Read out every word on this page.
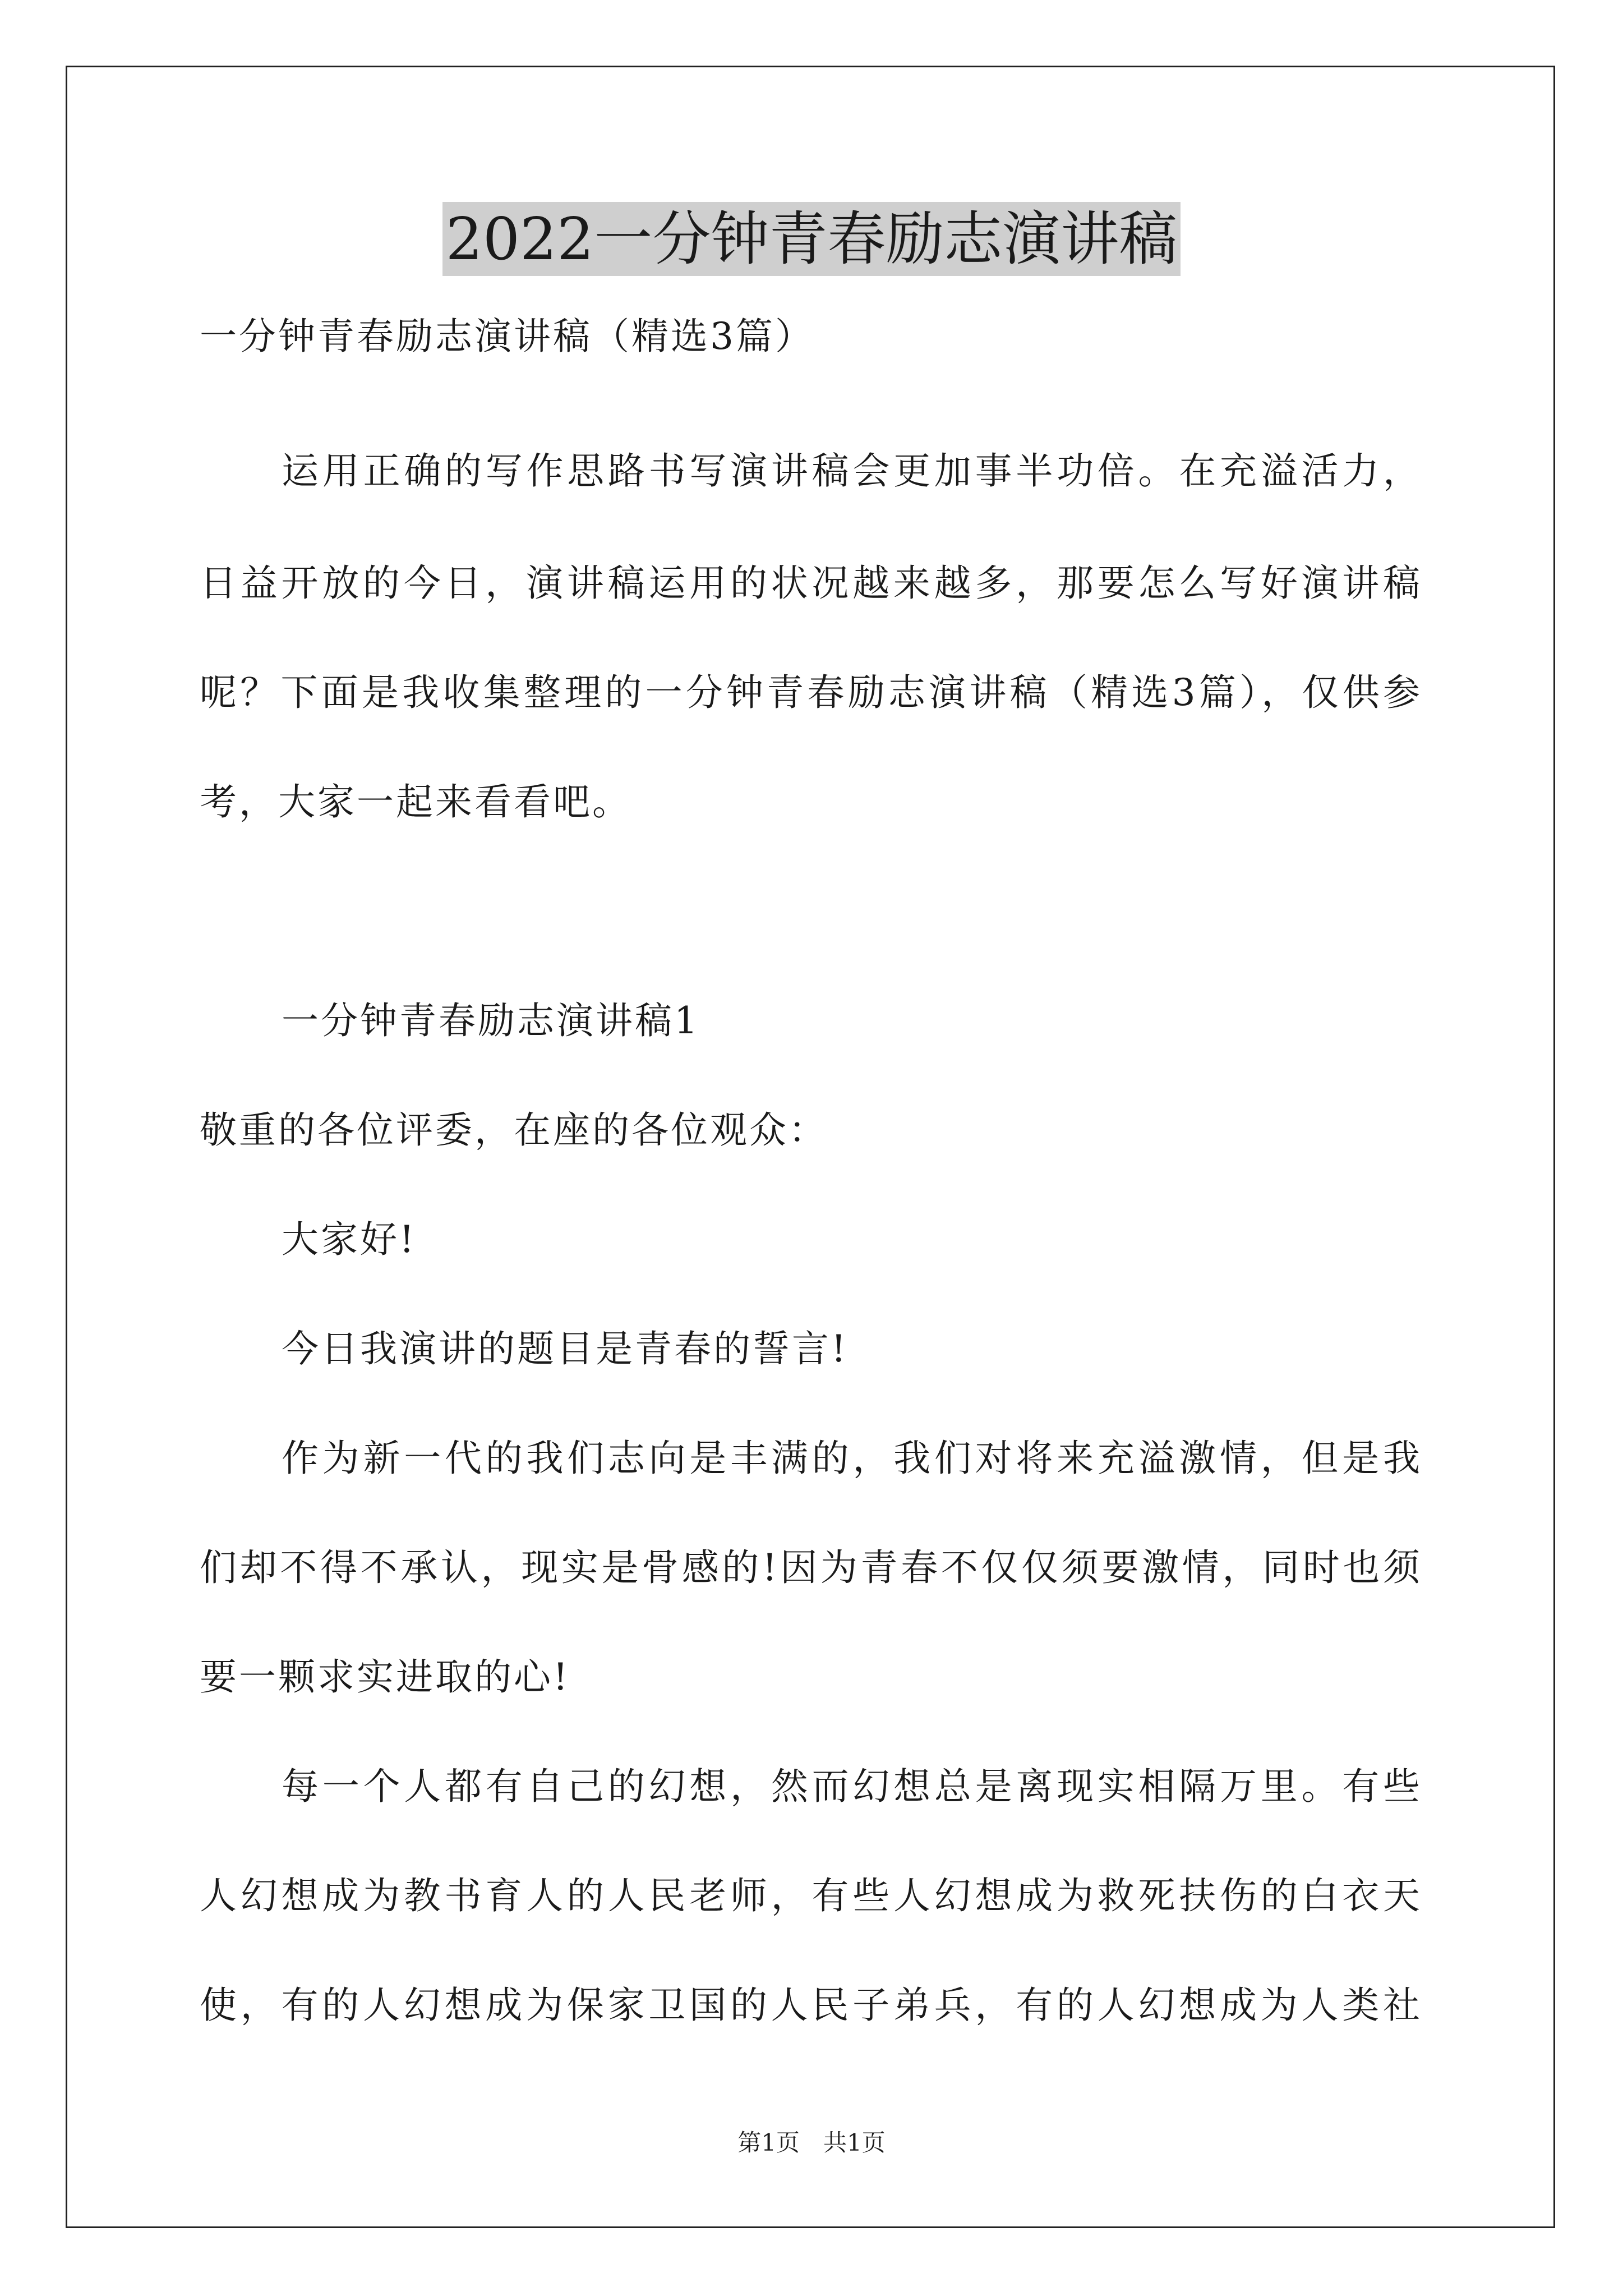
2022一分钟青春励志演讲稿
一分钟青春励志演讲稿（精选3篇）
运用正确的写作思路书写演讲稿会更加事半功倍。在充溢活力，
日益开放的今日，演讲稿运用的状况越来越多，那要怎么写好演讲稿
呢？下面是我收集整理的一分钟青春励志演讲稿（精选3篇），仅供参
考，大家一起来看看吧。
一分钟青春励志演讲稿1
敬重的各位评委，在座的各位观众：
大家好!
今日我演讲的题目是青春的誓言!
作为新一代的我们志向是丰满的，我们对将来充溢激情，但是我
们却不得不承认，现实是骨感的!因为青春不仅仅须要激情，同时也须
要一颗求实进取的心!
每一个人都有自己的幻想，然而幻想总是离现实相隔万里。有些
人幻想成为教书育人的人民老师，有些人幻想成为救死扶伤的白衣天
使，有的人幻想成为保家卫国的人民子弟兵，有的人幻想成为人类社
第1页　共1页
